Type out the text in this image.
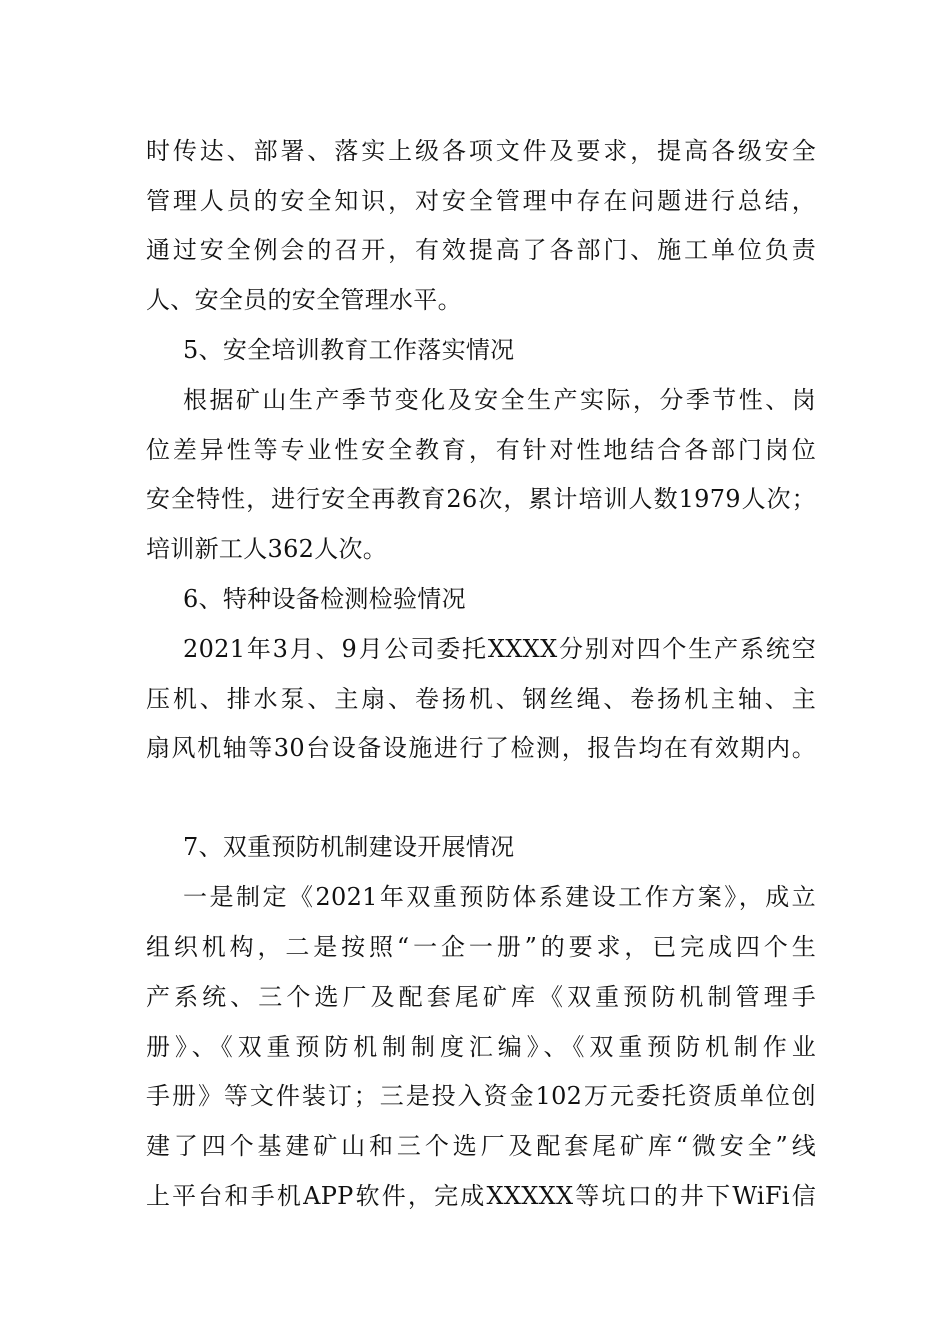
时传达、部署、落实上级各项文件及要求，提高各级安全
管理人员的安全知识，对安全管理中存在问题进行总结，
通过安全例会的召开，有效提高了各部门、施工单位负责
人、安全员的安全管理水平。
5、安全培训教育工作落实情况
根据矿山生产季节变化及安全生产实际，分季节性、岗
位差异性等专业性安全教育，有针对性地结合各部门岗位
安全特性，进行安全再教育26次，累计培训人数1979人次；
培训新工人362人次。
6、特种设备检测检验情况
2021年3月、9月公司委托XXXX分别对四个生产系统空
压机、排水泵、主扇、卷扬机、钢丝绳、卷扬机主轴、主
扇风机轴等30台设备设施进行了检测，报告均在有效期内。
7、双重预防机制建设开展情况
一是制定《2021年双重预防体系建设工作方案》，成立
组织机构，二是按照“一企一册”的要求，已完成四个生
产系统、三个选厂及配套尾矿库《双重预防机制管理手
册》、《双重预防机制制度汇编》、《双重预防机制作业
手册》等文件装订；三是投入资金102万元委托资质单位创
建了四个基建矿山和三个选厂及配套尾矿库“微安全”线
上平台和手机APP软件，完成XXXXX等坑口的井下WiFi信
